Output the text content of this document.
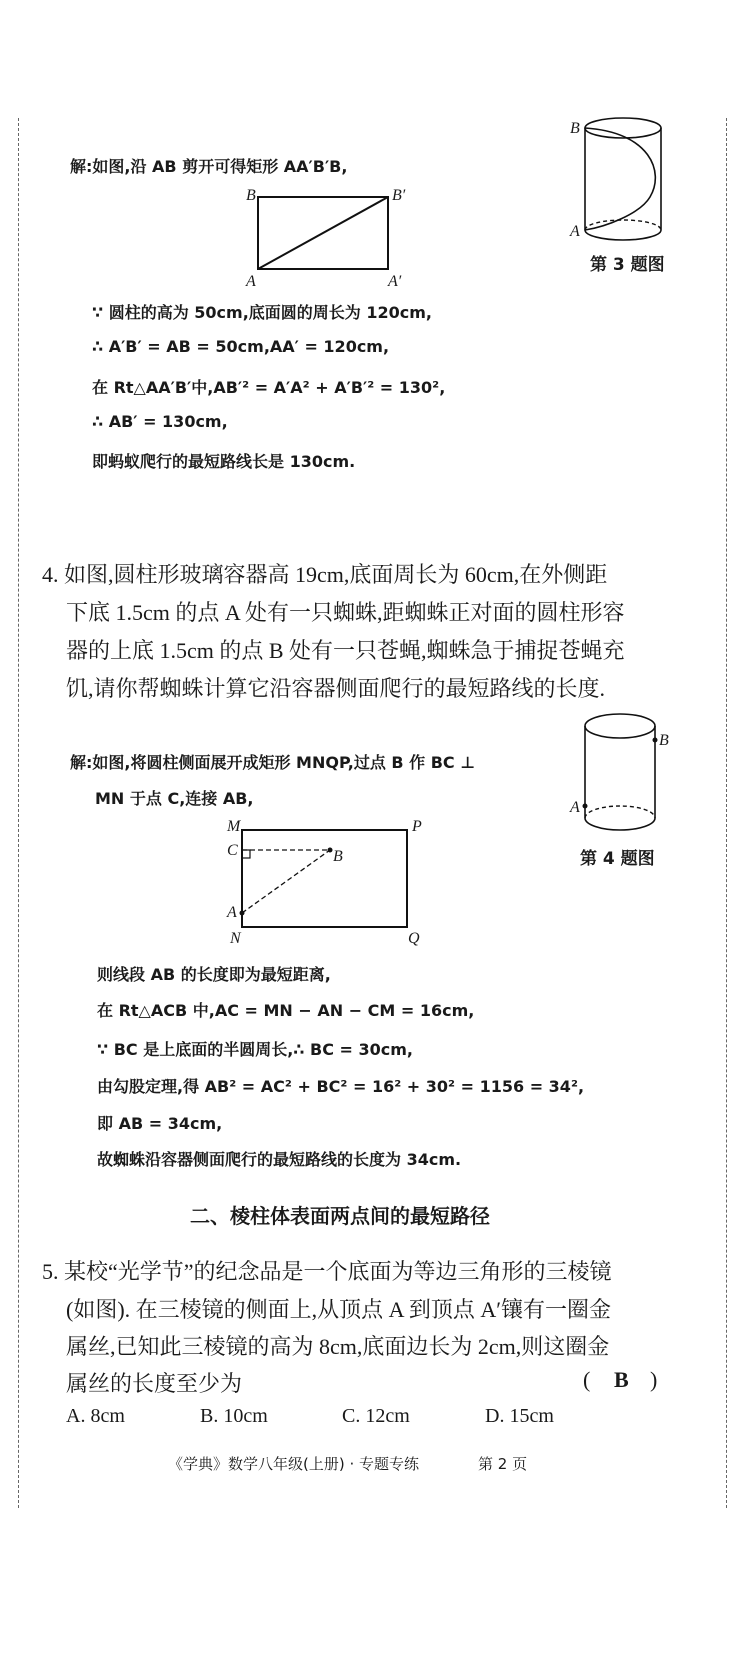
解:如图,沿 AB 剪开可得矩形 AA′B′B,
B	B′
A	A′
∵ 圆柱的高为 50cm,底面圆的周长为 120cm,
∴ A′B′ = AB = 50cm,AA′ = 120cm,
在 Rt△AA′B′中,AB′² = A′A² + A′B′² = 130²,
∴ AB′ = 130cm,
即蚂蚁爬行的最短路线长是 130cm.
B
A
第 3 题图
4. 如图,圆柱形玻璃容器高 19cm,底面周长为 60cm,在外侧距
下底 1.5cm 的点 A 处有一只蜘蛛,距蜘蛛正对面的圆柱形容
器的上底 1.5cm 的点 B 处有一只苍蝇,蜘蛛急于捕捉苍蝇充
饥,请你帮蜘蛛计算它沿容器侧面爬行的最短路线的长度.
B
A
第 4 题图
解:如图,将圆柱侧面展开成矩形 MNQP,过点 B 作 BC ⊥
MN 于点 C,连接 AB,
M	P
C	B
A
N	Q
则线段 AB 的长度即为最短距离,
在 Rt△ACB 中,AC = MN − AN − CM = 16cm,
∵ BC 是上底面的半圆周长,∴ BC = 30cm,
由勾股定理,得 AB² = AC² + BC² = 16² + 30² = 1156 = 34²,
即 AB = 34cm,
故蜘蛛沿容器侧面爬行的最短路线的长度为 34cm.
二、棱柱体表面两点间的最短路径
5. 某校“光学节”的纪念品是一个底面为等边三角形的三棱镜
(如图). 在三棱镜的侧面上,从顶点 A 到顶点 A′镶有一圈金
属丝,已知此三棱镜的高为 8cm,底面边长为 2cm,则这圈金
属丝的长度至少为	( B )
A. 8cm	B. 10cm	C. 12cm	D. 15cm
《学典》数学八年级(上册) · 专题专练	第 2 页
